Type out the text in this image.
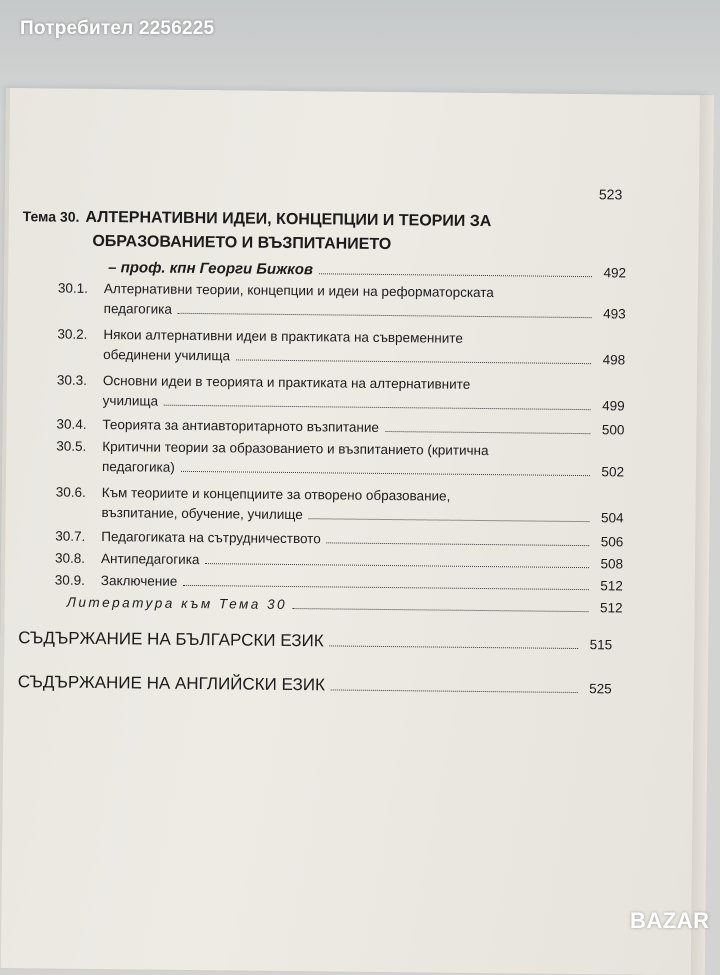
Потребител 2256225
523
Тема 30. АЛТЕРНАТИВНИ ИДЕИ, КОНЦЕПЦИИ И ТЕОРИИ ЗА
ОБРАЗОВАНИЕТО И ВЪЗПИТАНИЕТО
– проф. кпн Георги Бижков	492
30.1.	Алтернативни теории, концепции и идеи на реформаторската
педагогика	493
30.2.	Някои алтернативни идеи в практиката на съвременните
обединени училища	498
30.3.	Основни идеи в теорията и практиката на алтернативните
училища	499
30.4.	Теорията за антиавторитарното възпитание	500
30.5.	Критични теории за образованието и възпитанието (критична
педагогика)	502
30.6.	Към теориите и концепциите за отворено образование,
възпитание, обучение, училище	504
30.7.	Педагогиката на сътрудничеството	506
30.8.	Антипедагогика	508
30.9.	Заключение	512
Литература към Тема 30	512
СЪДЪРЖАНИЕ НА БЪЛГАРСКИ ЕЗИК	515
СЪДЪРЖАНИЕ НА АНГЛИЙСКИ ЕЗИК	525
BAZAR
